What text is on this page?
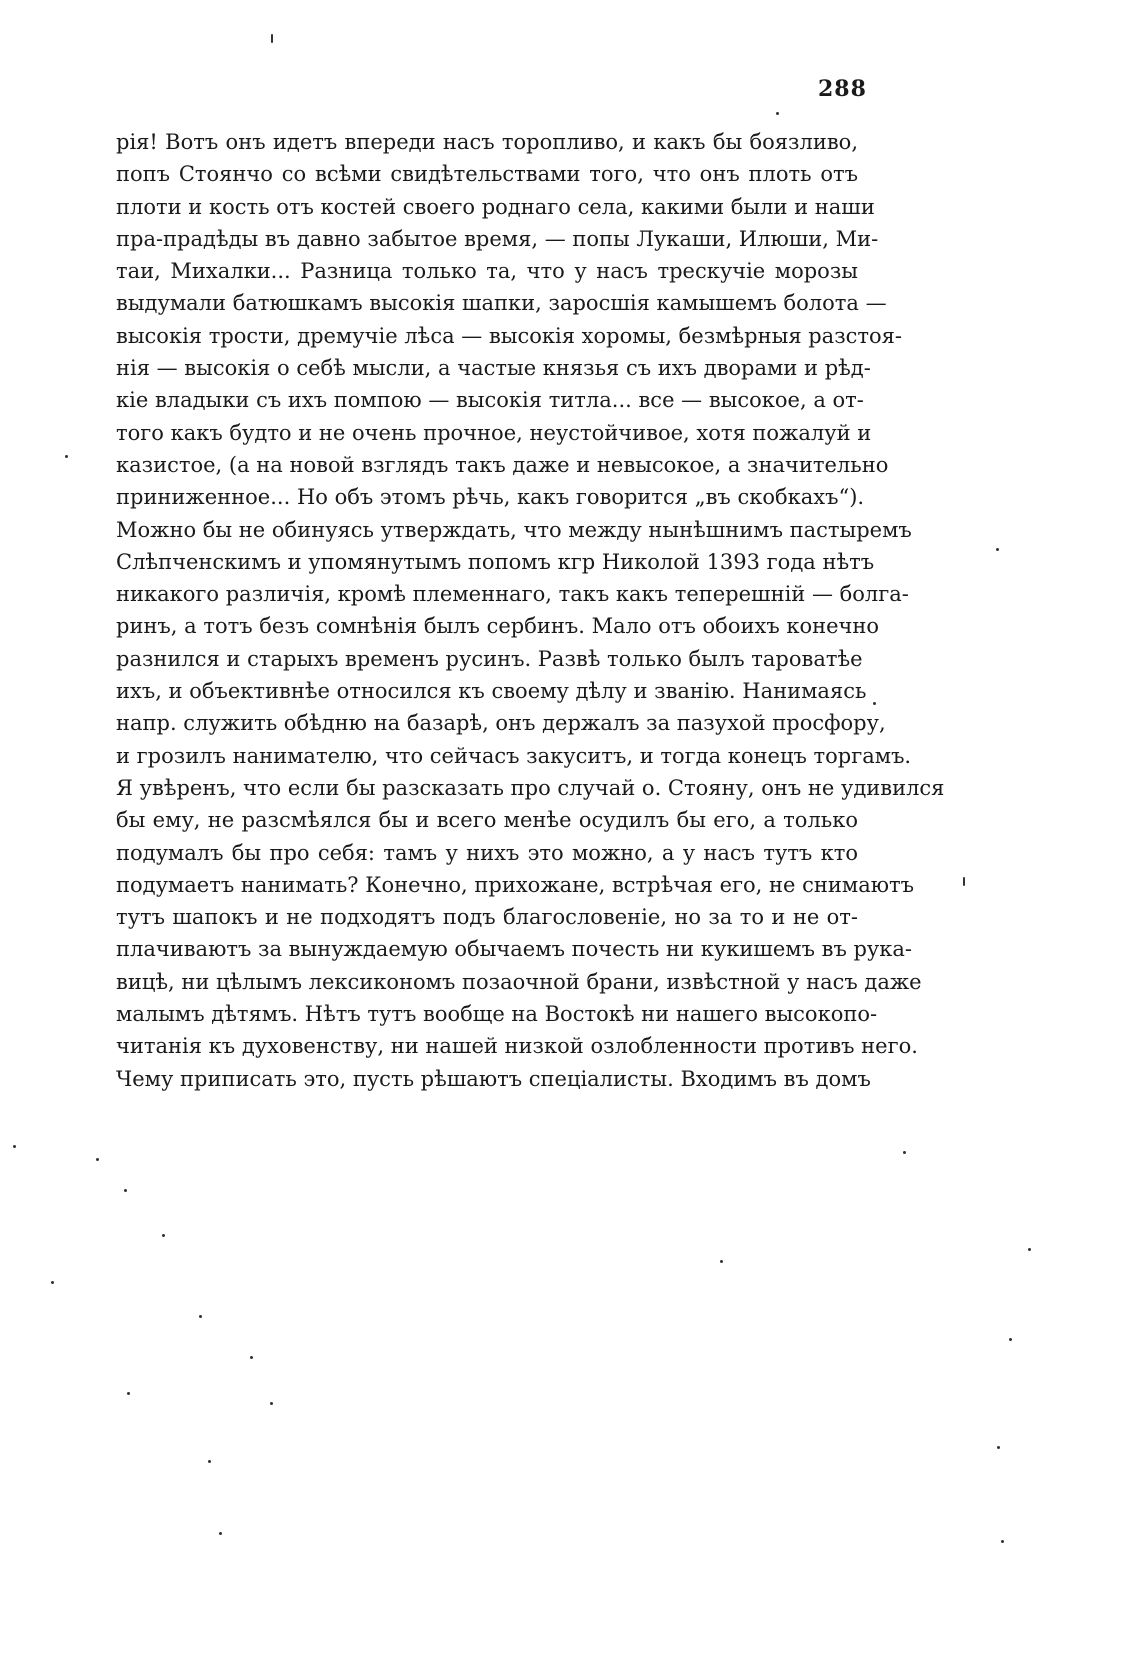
288
рія! Вотъ онъ идетъ впереди насъ торопливо, и какъ бы боязливо,
попъ Стоянчо со всѣми свидѣтельствами того, что онъ плоть отъ
плоти и кость отъ костей своего роднаго села, какими были и наши
пра-прадѣды въ давно забытое время, — попы Лукаши, Илюши, Ми-
таи, Михалки... Разница только та, что у насъ трескучіе морозы
выдумали батюшкамъ высокія шапки, заросшія камышемъ болота —
высокія трости, дремучіе лѣса — высокія хоромы, безмѣрныя разстоя-
нія — высокія о себѣ мысли, а частые князья съ ихъ дворами и рѣд-
кіе владыки съ ихъ помпою — высокія титла... все — высокое, а от-
того какъ будто и не очень прочное, неустойчивое, хотя пожалуй и
казистое, (а на новой взглядъ такъ даже и невысокое, а значительно
приниженное... Но объ этомъ рѣчь, какъ говорится „въ скобкахъ“).
Можно бы не обинуясь утверждать, что между нынѣшнимъ пастыремъ
Слѣпченскимъ и упомянутымъ попомъ кгр Николой 1393 года нѣтъ
никакого различія, кромѣ племеннаго, такъ какъ теперешній — болга-
ринъ, а тотъ безъ сомнѣнія былъ сербинъ. Мало отъ обоихъ конечно
разнился и старыхъ временъ русинъ. Развѣ только былъ тароватѣе
ихъ, и объективнѣе относился къ своему дѣлу и званію. Нанимаясь
напр. служить обѣдню на базарѣ, онъ держалъ за пазухой просфору,
и грозилъ нанимателю, что сейчасъ закуситъ, и тогда конецъ торгамъ.
Я увѣренъ, что если бы разсказать про случай о. Стояну, онъ не удивился
бы ему, не разсмѣялся бы и всего менѣе осудилъ бы его, а только
подумалъ бы про себя: тамъ у нихъ это можно, а у насъ тутъ кто
подумаетъ нанимать? Конечно, прихожане, встрѣчая его, не снимаютъ
тутъ шапокъ и не подходятъ подъ благословеніе, но за то и не от-
плачиваютъ за вынуждаемую обычаемъ почесть ни кукишемъ въ рука-
вицѣ, ни цѣлымъ лексикономъ позаочной брани, извѣстной у насъ даже
малымъ дѣтямъ. Нѣтъ тутъ вообще на Востокѣ ни нашего высокопо-
читанія къ духовенству, ни нашей низкой озлобленности противъ него.
Чему приписать это, пусть рѣшаютъ спеціалисты. Входимъ въ домъ
